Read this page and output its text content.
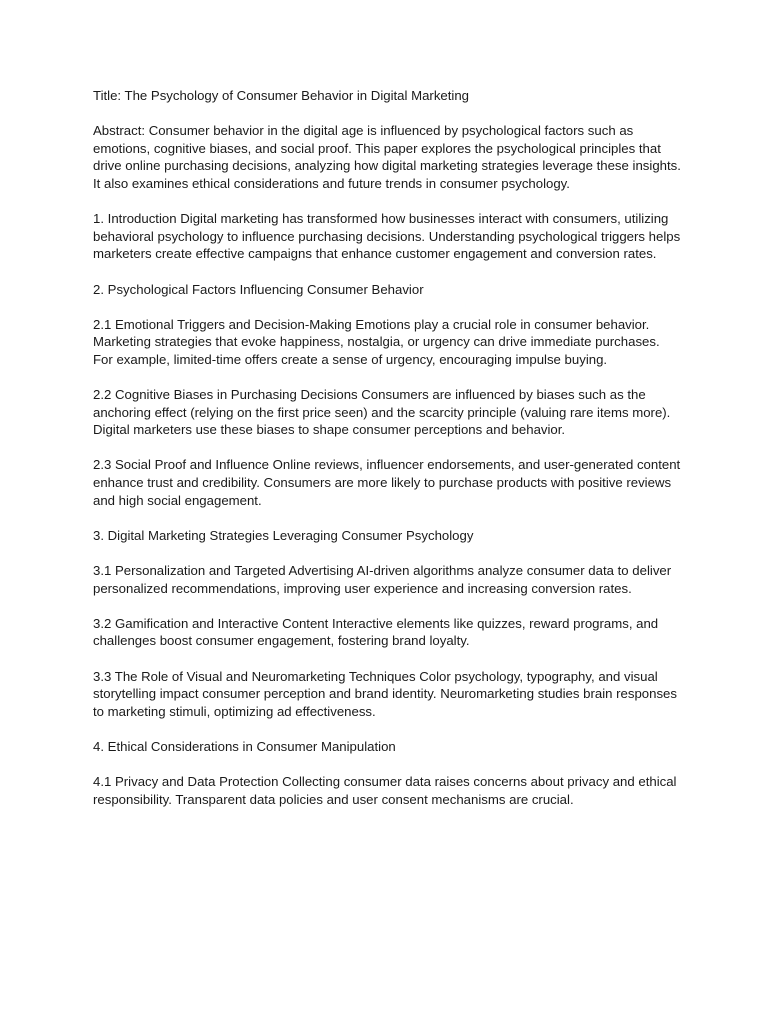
Title: The Psychology of Consumer Behavior in Digital Marketing

Abstract: Consumer behavior in the digital age is influenced by psychological factors such as emotions, cognitive biases, and social proof. This paper explores the psychological principles that drive online purchasing decisions, analyzing how digital marketing strategies leverage these insights. It also examines ethical considerations and future trends in consumer psychology.

1. Introduction Digital marketing has transformed how businesses interact with consumers, utilizing behavioral psychology to influence purchasing decisions. Understanding psychological triggers helps marketers create effective campaigns that enhance customer engagement and conversion rates.

2. Psychological Factors Influencing Consumer Behavior

2.1 Emotional Triggers and Decision-Making Emotions play a crucial role in consumer behavior. Marketing strategies that evoke happiness, nostalgia, or urgency can drive immediate purchases. For example, limited-time offers create a sense of urgency, encouraging impulse buying.

2.2 Cognitive Biases in Purchasing Decisions Consumers are influenced by biases such as the anchoring effect (relying on the first price seen) and the scarcity principle (valuing rare items more). Digital marketers use these biases to shape consumer perceptions and behavior.

2.3 Social Proof and Influence Online reviews, influencer endorsements, and user-generated content enhance trust and credibility. Consumers are more likely to purchase products with positive reviews and high social engagement.

3. Digital Marketing Strategies Leveraging Consumer Psychology

3.1 Personalization and Targeted Advertising AI-driven algorithms analyze consumer data to deliver personalized recommendations, improving user experience and increasing conversion rates.

3.2 Gamification and Interactive Content Interactive elements like quizzes, reward programs, and challenges boost consumer engagement, fostering brand loyalty.

3.3 The Role of Visual and Neuromarketing Techniques Color psychology, typography, and visual storytelling impact consumer perception and brand identity. Neuromarketing studies brain responses to marketing stimuli, optimizing ad effectiveness.

4. Ethical Considerations in Consumer Manipulation

4.1 Privacy and Data Protection Collecting consumer data raises concerns about privacy and ethical responsibility. Transparent data policies and user consent mechanisms are crucial.
